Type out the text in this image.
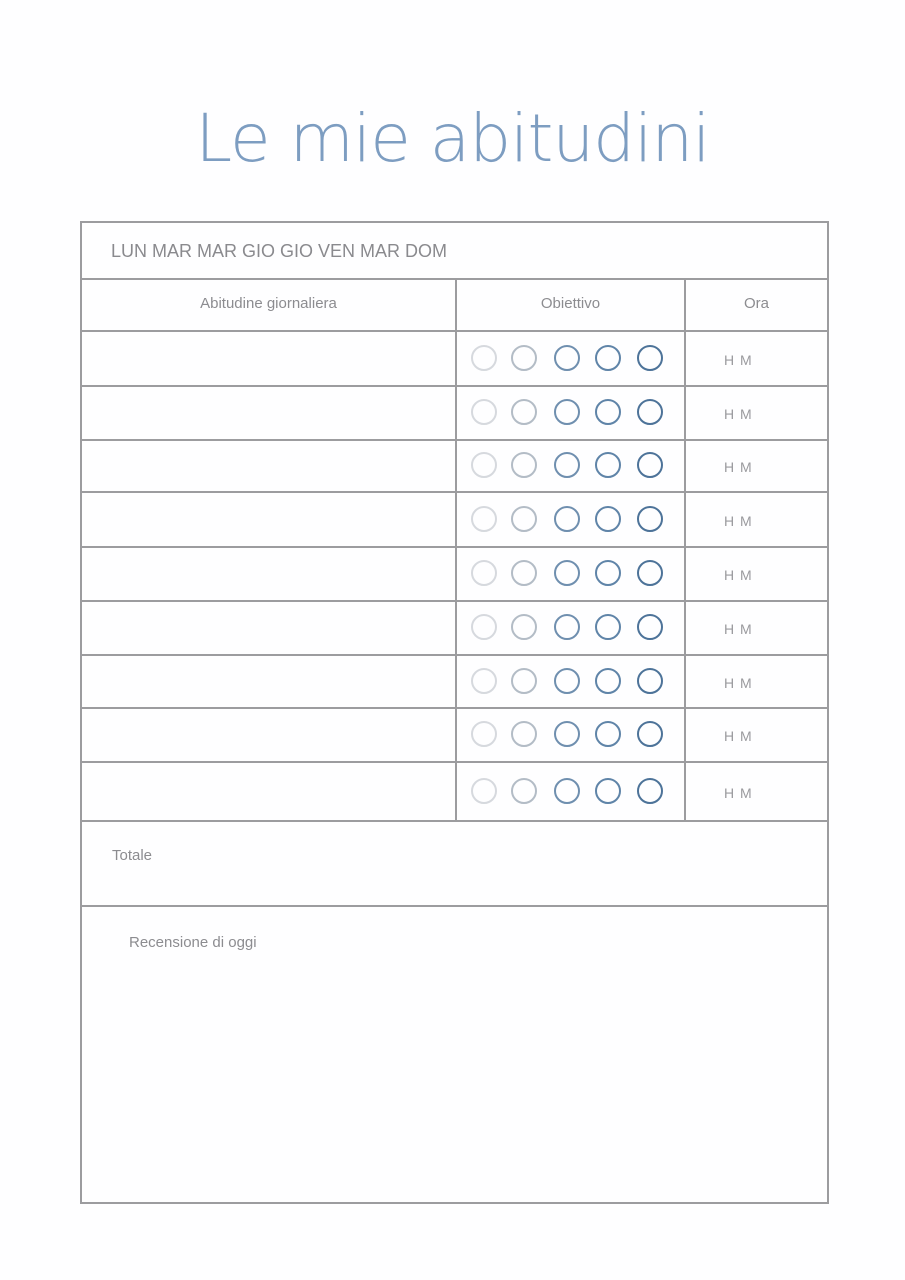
Le mie abitudini
LUN MAR MAR GIO GIO VEN MAR DOM
Abitudine giornaliera	Obiettivo	Ora
Totale
Recensione di oggi
H M
H M
H M
H M
H M
H M
H M
H M
H M
